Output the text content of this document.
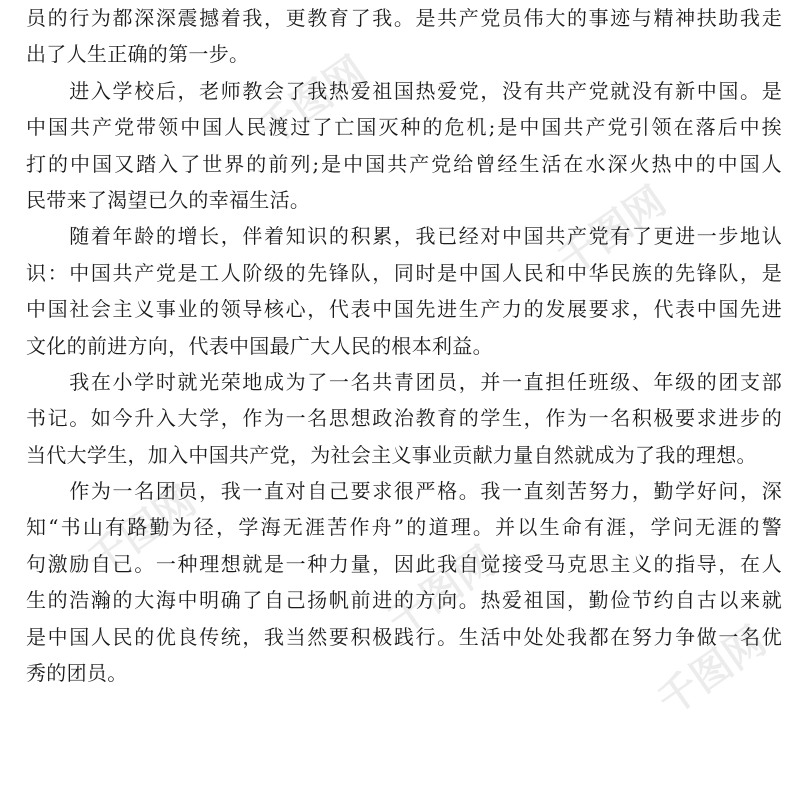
千图网
千图网
千图网
千图网
千图网
员的行为都深深震撼着我，更教育了我。是共产党员伟大的事迹与精神扶助我走
出了人生正确的第一步。
　　进入学校后，老师教会了我热爱祖国热爱党，没有共产党就没有新中国。是
中国共产党带领中国人民渡过了亡国灭种的危机;是中国共产党引领在落后中挨
打的中国又踏入了世界的前列;是中国共产党给曾经生活在水深火热中的中国人
民带来了渴望已久的幸福生活。
　　随着年龄的增长，伴着知识的积累，我已经对中国共产党有了更进一步地认
识：中国共产党是工人阶级的先锋队，同时是中国人民和中华民族的先锋队，是
中国社会主义事业的领导核心，代表中国先进生产力的发展要求，代表中国先进
文化的前进方向，代表中国最广大人民的根本利益。
　　我在小学时就光荣地成为了一名共青团员，并一直担任班级、年级的团支部
书记。如今升入大学，作为一名思想政治教育的学生，作为一名积极要求进步的
当代大学生，加入中国共产党，为社会主义事业贡献力量自然就成为了我的理想。
　　作为一名团员，我一直对自己要求很严格。我一直刻苦努力，勤学好问，深
知“书山有路勤为径，学海无涯苦作舟”的道理。并以生命有涯，学问无涯的警
句激励自己。一种理想就是一种力量，因此我自觉接受马克思主义的指导，在人
生的浩瀚的大海中明确了自己扬帆前进的方向。热爱祖国，勤俭节约自古以来就
是中国人民的优良传统，我当然要积极践行。生活中处处我都在努力争做一名优
秀的团员。
